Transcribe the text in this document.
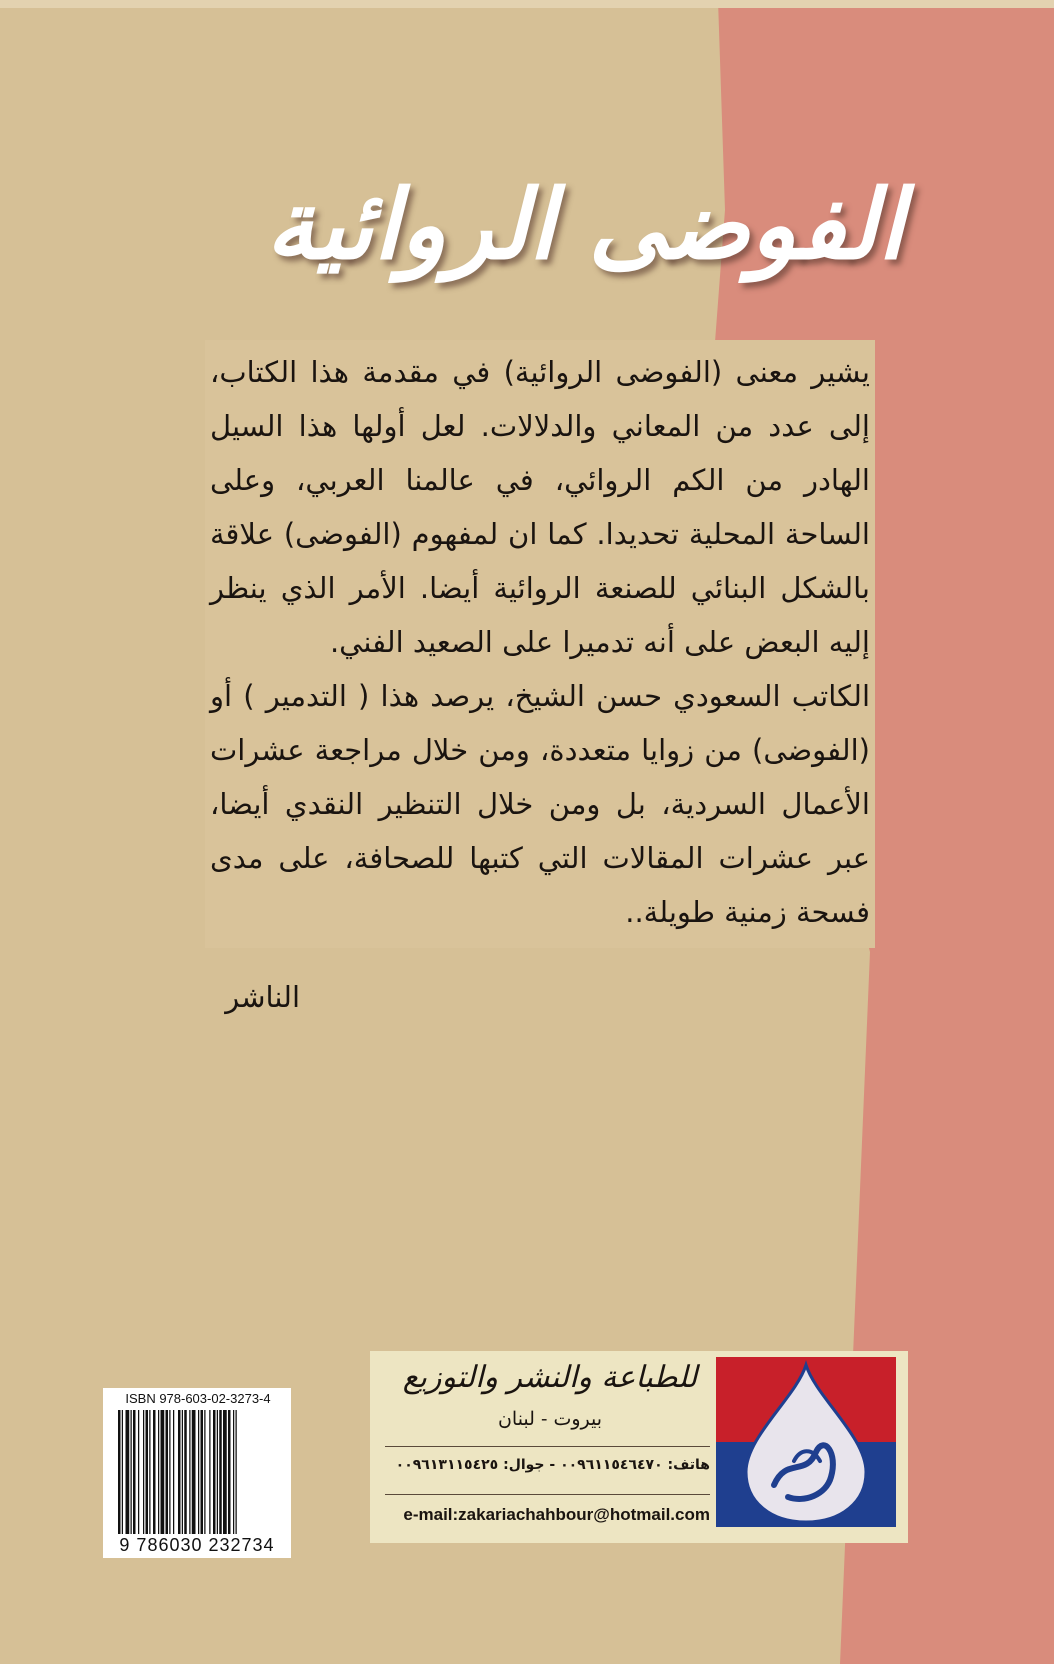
الفوضى الروائية

يشير معنى (الفوضى الروائية) في مقدمة هذا الكتاب، إلى عدد من المعاني والدلالات. لعل أولها هذا السيل الهادر من الكم الروائي، في عالمنا العربي، وعلى الساحة المحلية تحديدا. كما ان لمفهوم (الفوضى) علاقة بالشكل البنائي للصنعة الروائية أيضا. الأمر الذي ينظر إليه البعض على أنه تدميرا على الصعيد الفني.

الكاتب السعودي حسن الشيخ، يرصد هذا ( التدمير ) أو (الفوضى) من زوايا متعددة، ومن خلال مراجعة عشرات الأعمال السردية، بل ومن خلال التنظير النقدي أيضا، عبر عشرات المقالات التي كتبها للصحافة، على مدى فسحة زمنية طويلة..

الناشر
ISBN 978-603-02-3273-4
9 786030 232734
للطباعة والنشر والتوزيع
بيروت - لبنان
هاتف: ٠٠٩٦١١٥٤٦٤٧٠ - جوال: ٠٠٩٦١٣١١٥٤٢٥
e-mail:zakariachahbour@hotmail.com
